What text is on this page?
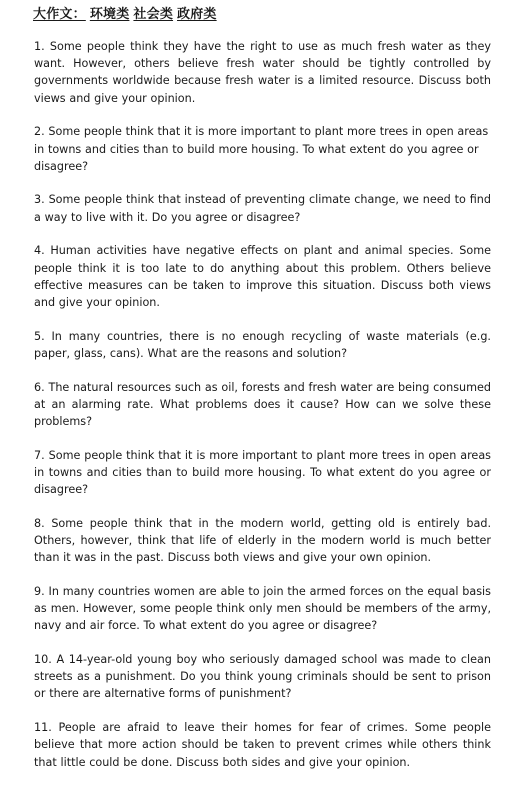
大作文： 环境类 社会类 政府类

1. Some people think they have the right to use as much fresh water as they want. However, others believe fresh water should be tightly controlled by governments worldwide because fresh water is a limited resource. Discuss both views and give your opinion.

2. Some people think that it is more important to plant more trees in open areas in towns and cities than to build more housing. To what extent do you agree or disagree?

3. Some people think that instead of preventing climate change, we need to find a way to live with it. Do you agree or disagree?

4. Human activities have negative effects on plant and animal species. Some people think it is too late to do anything about this problem. Others believe effective measures can be taken to improve this situation. Discuss both views and give your opinion.

5. In many countries, there is no enough recycling of waste materials (e.g. paper, glass, cans). What are the reasons and solution?

6. The natural resources such as oil, forests and fresh water are being consumed at an alarming rate. What problems does it cause? How can we solve these problems?

7. Some people think that it is more important to plant more trees in open areas in towns and cities than to build more housing. To what extent do you agree or disagree?

8. Some people think that in the modern world, getting old is entirely bad. Others, however, think that life of elderly in the modern world is much better than it was in the past. Discuss both views and give your own opinion.

9. In many countries women are able to join the armed forces on the equal basis as men. However, some people think only men should be members of the army, navy and air force. To what extent do you agree or disagree?

10. A 14-year-old young boy who seriously damaged school was made to clean streets as a punishment. Do you think young criminals should be sent to prison or there are alternative forms of punishment?

11. People are afraid to leave their homes for fear of crimes. Some people believe that more action should be taken to prevent crimes while others think that little could be done. Discuss both sides and give your opinion.
